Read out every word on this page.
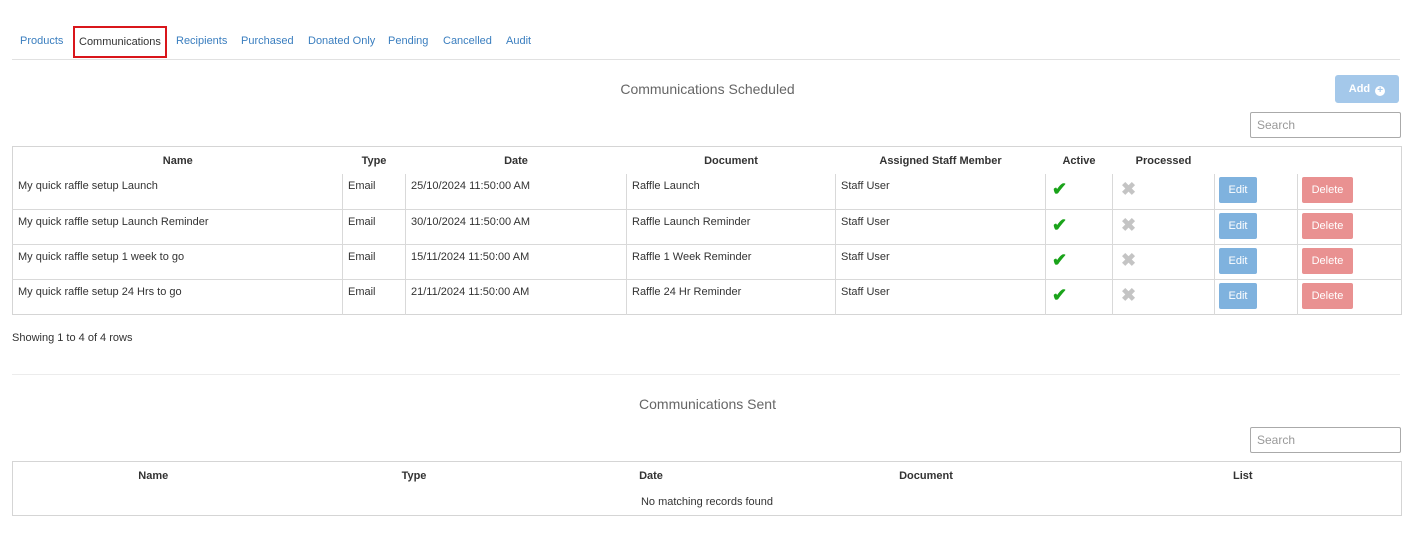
Products	Communications	Recipients Purchased Donated Only Pending Cancelled Audit
Communications Scheduled	Add +
Search
Name	Type	Date	Document	Assigned Staff Member	Active	Processed		
My quick raffle setup Launch	Email	25/10/2024 11:50:00 AM	Raffle Launch	Staff User	✔	✖	Edit	Delete
My quick raffle setup Launch Reminder	Email	30/10/2024 11:50:00 AM	Raffle Launch Reminder	Staff User	✔	✖	Edit	Delete
My quick raffle setup 1 week to go	Email	15/11/2024 11:50:00 AM	Raffle 1 Week Reminder	Staff User	✔	✖	Edit	Delete
My quick raffle setup 24 Hrs to go	Email	21/11/2024 11:50:00 AM	Raffle 24 Hr Reminder	Staff User	✔	✖	Edit	Delete
Showing 1 to 4 of 4 rows
Communications Sent
Search
Name	Type	Date	Document	List
No matching records found
